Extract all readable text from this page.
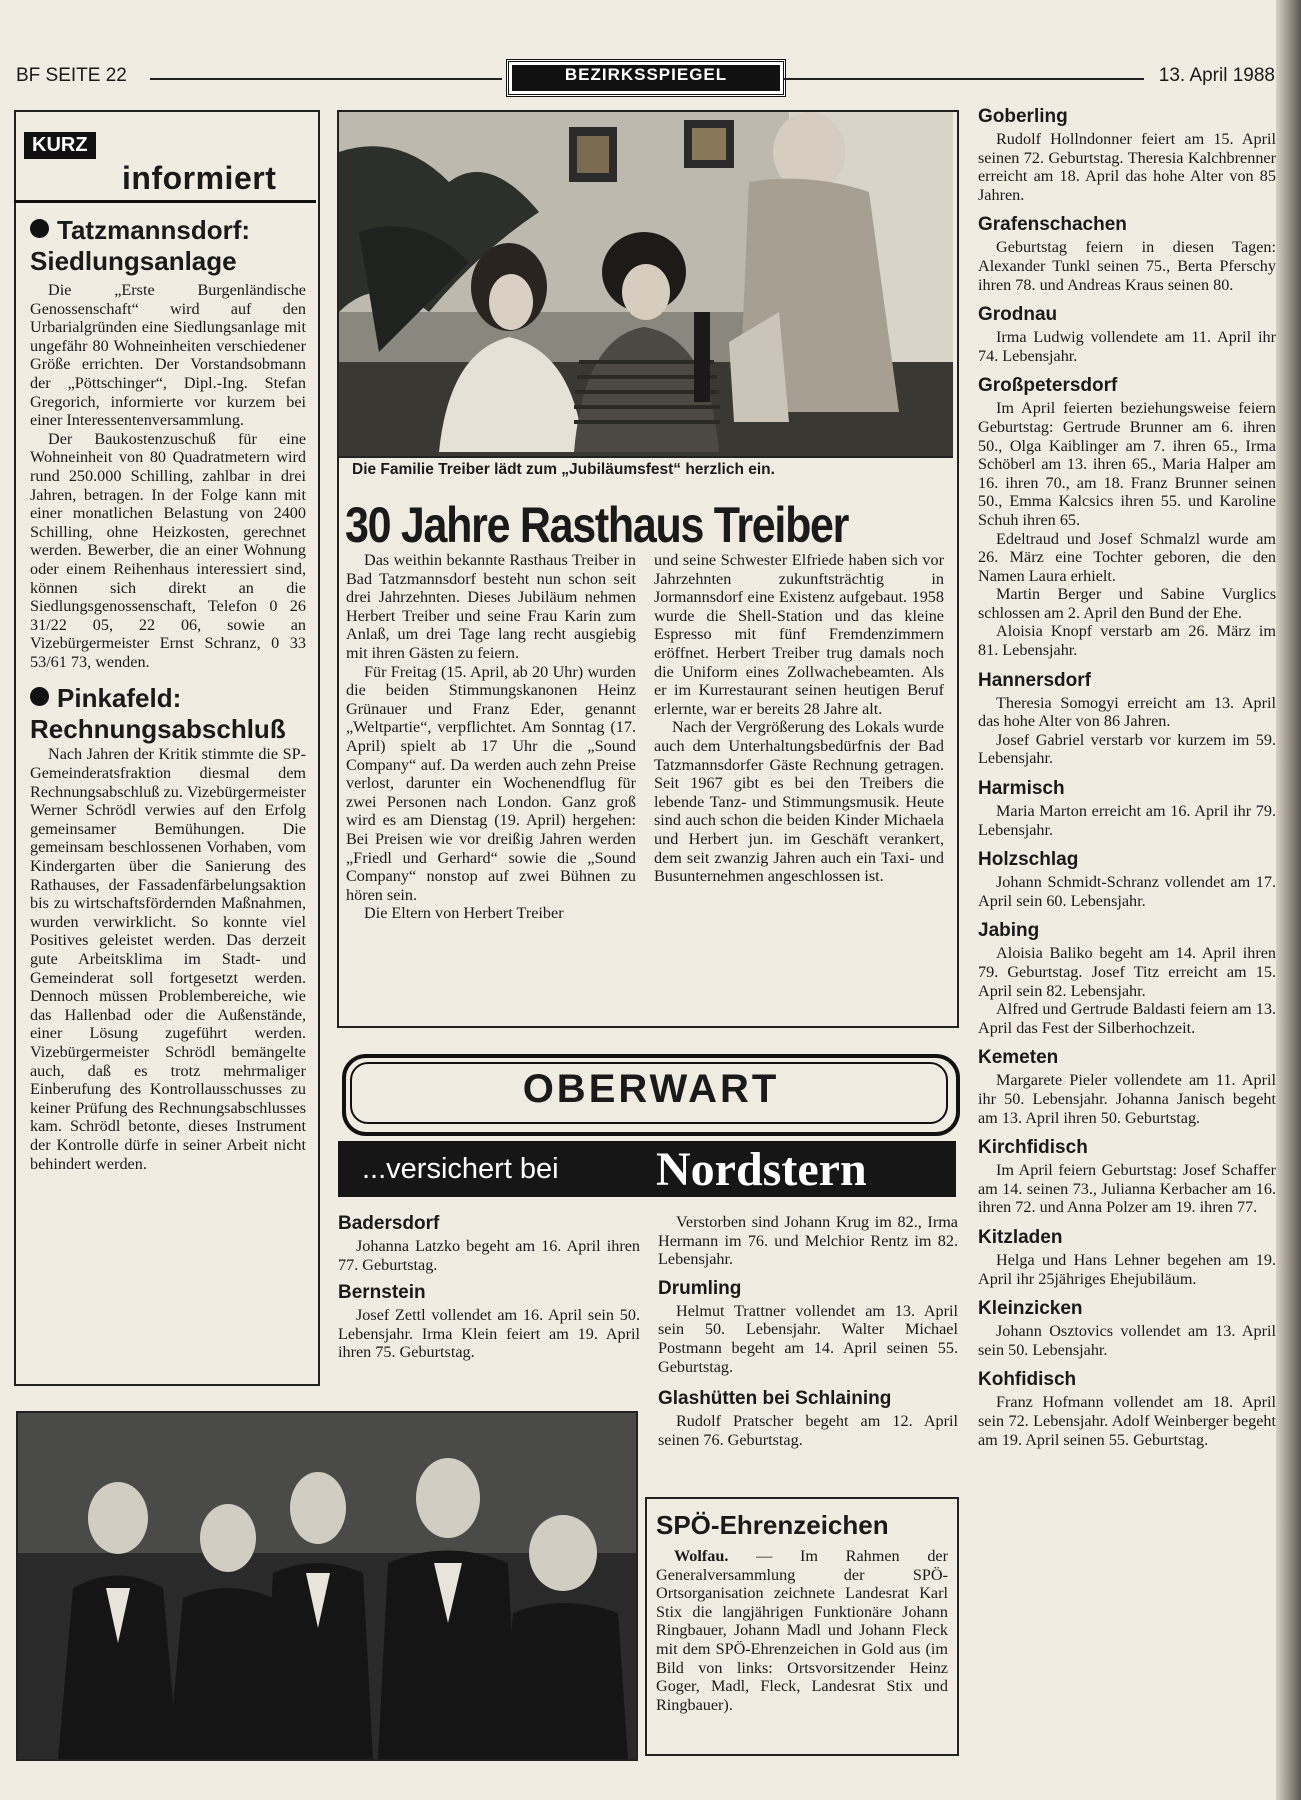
BF SEITE 22	BEZIRKSSPIEGEL	13. April 1988
KURZ
informiert
Tatzmannsdorf:
Siedlungsanlage

Die „Erste Burgenländische Genossenschaft“ wird auf den Urbarialgründen eine Siedlungsanlage mit ungefähr 80 Wohneinheiten verschiedener Größe errichten. Der Vorstandsobmann der „Pöttschinger“, Dipl.-Ing. Stefan Gregorich, informierte vor kurzem bei einer Interessentenversammlung.

Der Baukostenzuschuß für eine Wohneinheit von 80 Quadratmetern wird rund 250.000 Schilling, zahlbar in drei Jahren, betragen. In der Folge kann mit einer monatlichen Belastung von 2400 Schilling, ohne Heizkosten, gerechnet werden. Bewerber, die an einer Wohnung oder einem Reihenhaus interessiert sind, können sich direkt an die Siedlungsgenossenschaft, Telefon 0 26 31/22 05, 22 06, sowie an Vizebürgermeister Ernst Schranz, 0 33 53/61 73, wenden.

Pinkafeld:
Rechnungsabschluß

Nach Jahren der Kritik stimmte die SP-Gemeinderatsfraktion diesmal dem Rechnungsabschluß zu. Vizebürgermeister Werner Schrödl verwies auf den Erfolg gemeinsamer Bemühungen. Die gemeinsam beschlossenen Vorhaben, vom Kindergarten über die Sanierung des Rathauses, der Fassadenfärbelungsaktion bis zu wirtschaftsfördernden Maßnahmen, wurden verwirklicht. So konnte viel Positives geleistet werden. Das derzeit gute Arbeitsklima im Stadt- und Gemeinderat soll fortgesetzt werden. Dennoch müssen Problembereiche, wie das Hallenbad oder die Außenstände, einer Lösung zugeführt werden. Vizebürgermeister Schrödl bemängelte auch, daß es trotz mehrmaliger Einberufung des Kontrollausschusses zu keiner Prüfung des Rechnungsabschlusses kam. Schrödl betonte, dieses Instrument der Kontrolle dürfe in seiner Arbeit nicht behindert werden.

Die Familie Treiber lädt zum „Jubiläumsfest“ herzlich ein.
30 Jahre Rasthaus Treiber

Das weithin bekannte Rasthaus Treiber in Bad Tatzmannsdorf besteht nun schon seit drei Jahrzehnten. Dieses Jubiläum nehmen Herbert Treiber und seine Frau Karin zum Anlaß, um drei Tage lang recht ausgiebig mit ihren Gästen zu feiern.

Für Freitag (15. April, ab 20 Uhr) wurden die beiden Stimmungskanonen Heinz Grünauer und Franz Eder, genannt „Weltpartie“, verpflichtet. Am Sonntag (17. April) spielt ab 17 Uhr die „Sound Company“ auf. Da werden auch zehn Preise verlost, darunter ein Wochenendflug für zwei Personen nach London. Ganz groß wird es am Dienstag (19. April) hergehen: Bei Preisen wie vor dreißig Jahren werden „Friedl und Gerhard“ sowie die „Sound Company“ nonstop auf zwei Bühnen zu hören sein.

Die Eltern von Herbert Treiber

und seine Schwester Elfriede haben sich vor Jahrzehnten zukunftsträchtig in Jormannsdorf eine Existenz aufgebaut. 1958 wurde die Shell-Station und das kleine Espresso mit fünf Fremdenzimmern eröffnet. Herbert Treiber trug damals noch die Uniform eines Zollwachebeamten. Als er im Kurrestaurant seinen heutigen Beruf erlernte, war er bereits 28 Jahre alt.

Nach der Vergrößerung des Lokals wurde auch dem Unterhaltungsbedürfnis der Bad Tatzmannsdorfer Gäste Rechnung getragen. Seit 1967 gibt es bei den Treibers die lebende Tanz- und Stimmungsmusik. Heute sind auch schon die beiden Kinder Michaela und Herbert jun. im Geschäft verankert, dem seit zwanzig Jahren auch ein Taxi- und Busunternehmen angeschlossen ist.

OBERWART
...versichert bei Nordstern
Badersdorf

Johanna Latzko begeht am 16. April ihren 77. Geburtstag.

Bernstein

Josef Zettl vollendet am 16. April sein 50. Lebensjahr. Irma Klein feiert am 19. April ihren 75. Geburtstag.

Verstorben sind Johann Krug im 82., Irma Hermann im 76. und Melchior Rentz im 82. Lebensjahr.

Drumling

Helmut Trattner vollendet am 13. April sein 50. Lebensjahr. Walter Michael Postmann begeht am 14. April seinen 55. Geburtstag.

Glashütten bei Schlaining

Rudolf Pratscher begeht am 12. April seinen 76. Geburtstag.

SPÖ-Ehrenzeichen

Wolfau. — Im Rahmen der Generalversammlung der SPÖ-Ortsorganisation zeichnete Landesrat Karl Stix die langjährigen Funktionäre Johann Ringbauer, Johann Madl und Johann Fleck mit dem SPÖ-Ehrenzeichen in Gold aus (im Bild von links: Ortsvorsitzender Heinz Goger, Madl, Fleck, Landesrat Stix und Ringbauer).

Goberling

Rudolf Hollndonner feiert am 15. April seinen 72. Geburtstag. Theresia Kalchbrenner erreicht am 18. April das hohe Alter von 85 Jahren.

Grafenschachen

Geburtstag feiern in diesen Tagen: Alexander Tunkl seinen 75., Berta Pferschy ihren 78. und Andreas Kraus seinen 80.

Grodnau

Irma Ludwig vollendete am 11. April ihr 74. Lebensjahr.

Großpetersdorf

Im April feierten beziehungsweise feiern Geburtstag: Gertrude Brunner am 6. ihren 50., Olga Kaiblinger am 7. ihren 65., Irma Schöberl am 13. ihren 65., Maria Halper am 16. ihren 70., am 18. Franz Brunner seinen 50., Emma Kalcsics ihren 55. und Karoline Schuh ihren 65.

Edeltraud und Josef Schmalzl wurde am 26. März eine Tochter geboren, die den Namen Laura erhielt.

Martin Berger und Sabine Vurglics schlossen am 2. April den Bund der Ehe.

Aloisia Knopf verstarb am 26. März im 81. Lebensjahr.

Hannersdorf

Theresia Somogyi erreicht am 13. April das hohe Alter von 86 Jahren.

Josef Gabriel verstarb vor kurzem im 59. Lebensjahr.

Harmisch

Maria Marton erreicht am 16. April ihr 79. Lebensjahr.

Holzschlag

Johann Schmidt-Schranz vollendet am 17. April sein 60. Lebensjahr.

Jabing

Aloisia Baliko begeht am 14. April ihren 79. Geburtstag. Josef Titz erreicht am 15. April sein 82. Lebensjahr.

Alfred und Gertrude Baldasti feiern am 13. April das Fest der Silberhochzeit.

Kemeten

Margarete Pieler vollendete am 11. April ihr 50. Lebensjahr. Johanna Janisch begeht am 13. April ihren 50. Geburtstag.

Kirchfidisch

Im April feiern Geburtstag: Josef Schaffer am 14. seinen 73., Julianna Kerbacher am 16. ihren 72. und Anna Polzer am 19. ihren 77.

Kitzladen

Helga und Hans Lehner begehen am 19. April ihr 25jähriges Ehejubiläum.

Kleinzicken

Johann Osztovics vollendet am 13. April sein 50. Lebensjahr.

Kohfidisch

Franz Hofmann vollendet am 18. April sein 72. Lebensjahr. Adolf Weinberger begeht am 19. April seinen 55. Geburtstag.
